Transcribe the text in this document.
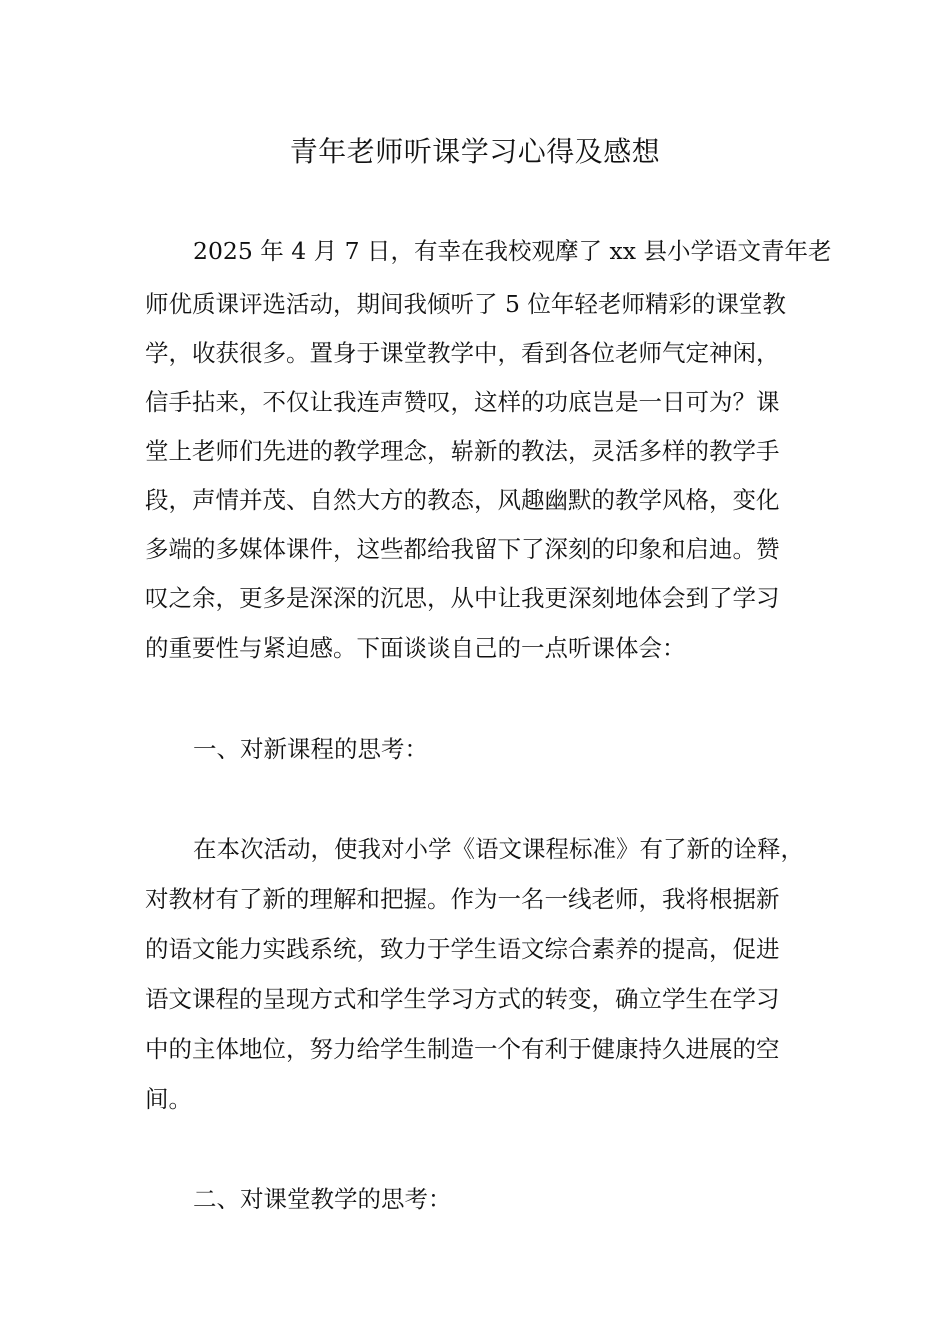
青年老师听课学习心得及感想

2025 年 4 月 7 日，有幸在我校观摩了 xx 县小学语文青年老

师优质课评选活动，期间我倾听了 5 位年轻老师精彩的课堂教

学，收获很多。置身于课堂教学中，看到各位老师气定神闲，

信手拈来，不仅让我连声赞叹，这样的功底岂是一日可为？课

堂上老师们先进的教学理念，崭新的教法，灵活多样的教学手

段，声情并茂、自然大方的教态，风趣幽默的教学风格，变化

多端的多媒体课件，这些都给我留下了深刻的印象和启迪。赞

叹之余，更多是深深的沉思，从中让我更深刻地体会到了学习

的重要性与紧迫感。下面谈谈自己的一点听课体会：

一、对新课程的思考：

在本次活动，使我对小学《语文课程标准》有了新的诠释，

对教材有了新的理解和把握。作为一名一线老师，我将根据新

的语文能力实践系统，致力于学生语文综合素养的提高，促进

语文课程的呈现方式和学生学习方式的转变，确立学生在学习

中的主体地位，努力给学生制造一个有利于健康持久进展的空

间。

二、对课堂教学的思考：
